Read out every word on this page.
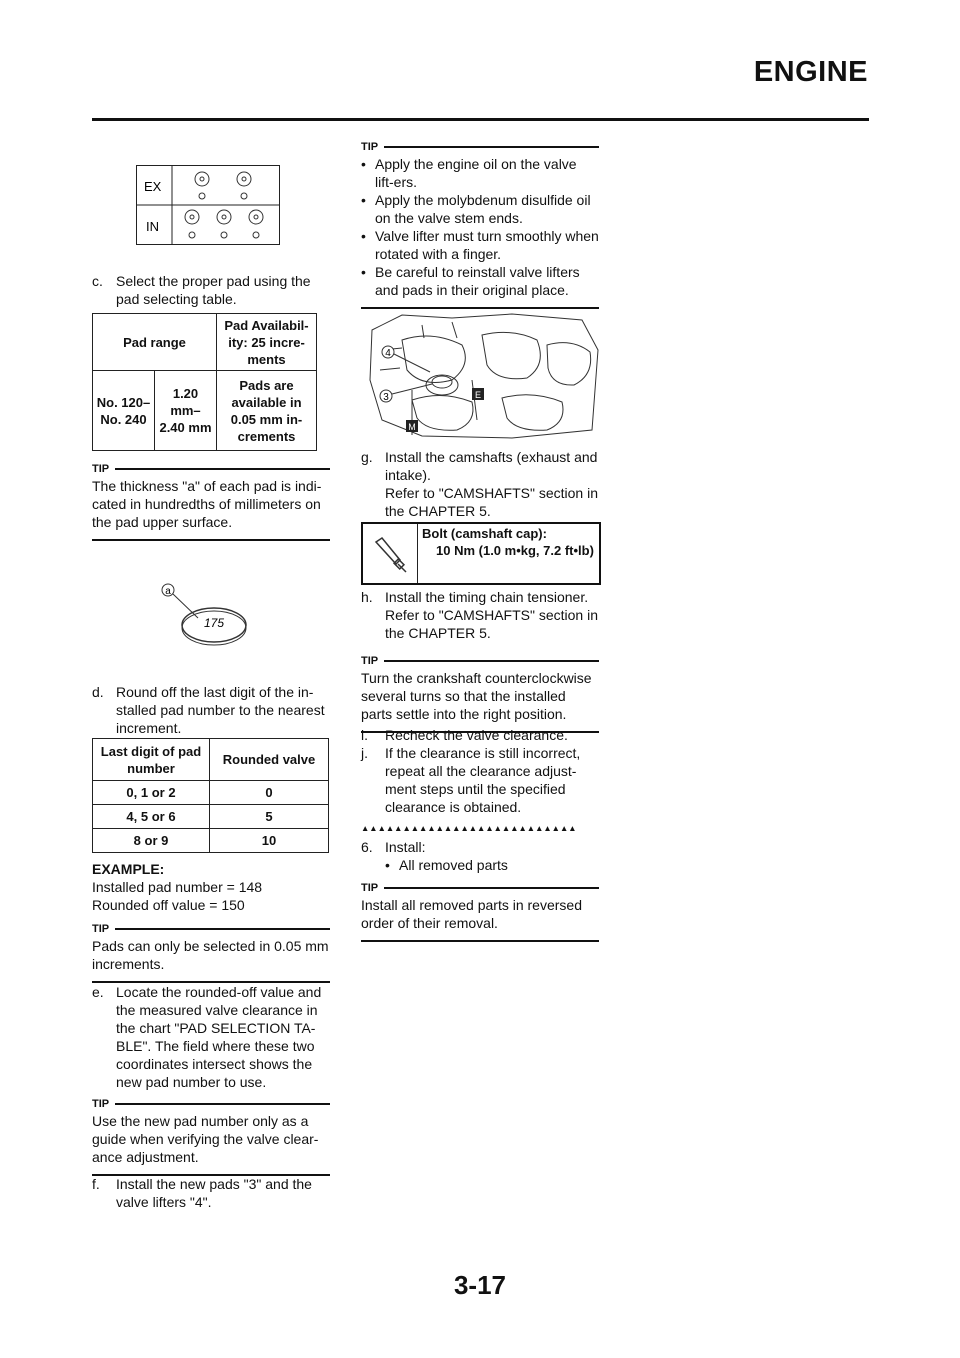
ENGINE
EX
IN
c. Select the proper pad using the pad selecting table.
Pad range		Pad Availabil-ity: 25 incre-ments
No. 120– No. 240	1.20 mm– 2.40 mm	Pads are available in 0.05 mm in-crements
TIP
The thickness "a" of each pad is indi-cated in hundredths of millimeters on the pad upper surface.
a
175
d. Round off the last digit of the in-stalled pad number to the nearest increment.
Last digit of pad number	Rounded valve
0, 1 or 2	0
4, 5 or 6	5
8 or 9	10
EXAMPLE:
Installed pad number = 148
Rounded off value = 150
TIP
Pads can only be selected in 0.05 mm increments.
e. Locate the rounded-off value and the measured valve clearance in the chart "PAD SELECTION TA-BLE". The field where these two coordinates intersect shows the new pad number to use.
TIP
Use the new pad number only as a guide when verifying the valve clear-ance adjustment.
f. Install the new pads "3" and the valve lifters "4".
TIP
• Apply the engine oil on the valve lift-ers.
• Apply the molybdenum disulfide oil on the valve stem ends.
• Valve lifter must turn smoothly when rotated with a finger.
• Be careful to reinstall valve lifters and pads in their original place.
4
3	E
M
g. Install the camshafts (exhaust and intake).
Refer to "CAMSHAFTS" section in the CHAPTER 5.
Bolt (camshaft cap):
10 Nm (1.0 m•kg, 7.2 ft•lb)
h. Install the timing chain tensioner.
Refer to "CAMSHAFTS" section in the CHAPTER 5.
TIP
Turn the crankshaft counterclockwise several turns so that the installed parts settle into the right position.
i. Recheck the valve clearance.
j. If the clearance is still incorrect, repeat all the clearance adjust-ment steps until the specified clearance is obtained.
▲▲▲▲▲▲▲▲▲▲▲▲▲▲▲▲▲▲▲▲▲▲▲▲▲▲
6. Install:
• All removed parts
TIP
Install all removed parts in reversed order of their removal.
3-17
